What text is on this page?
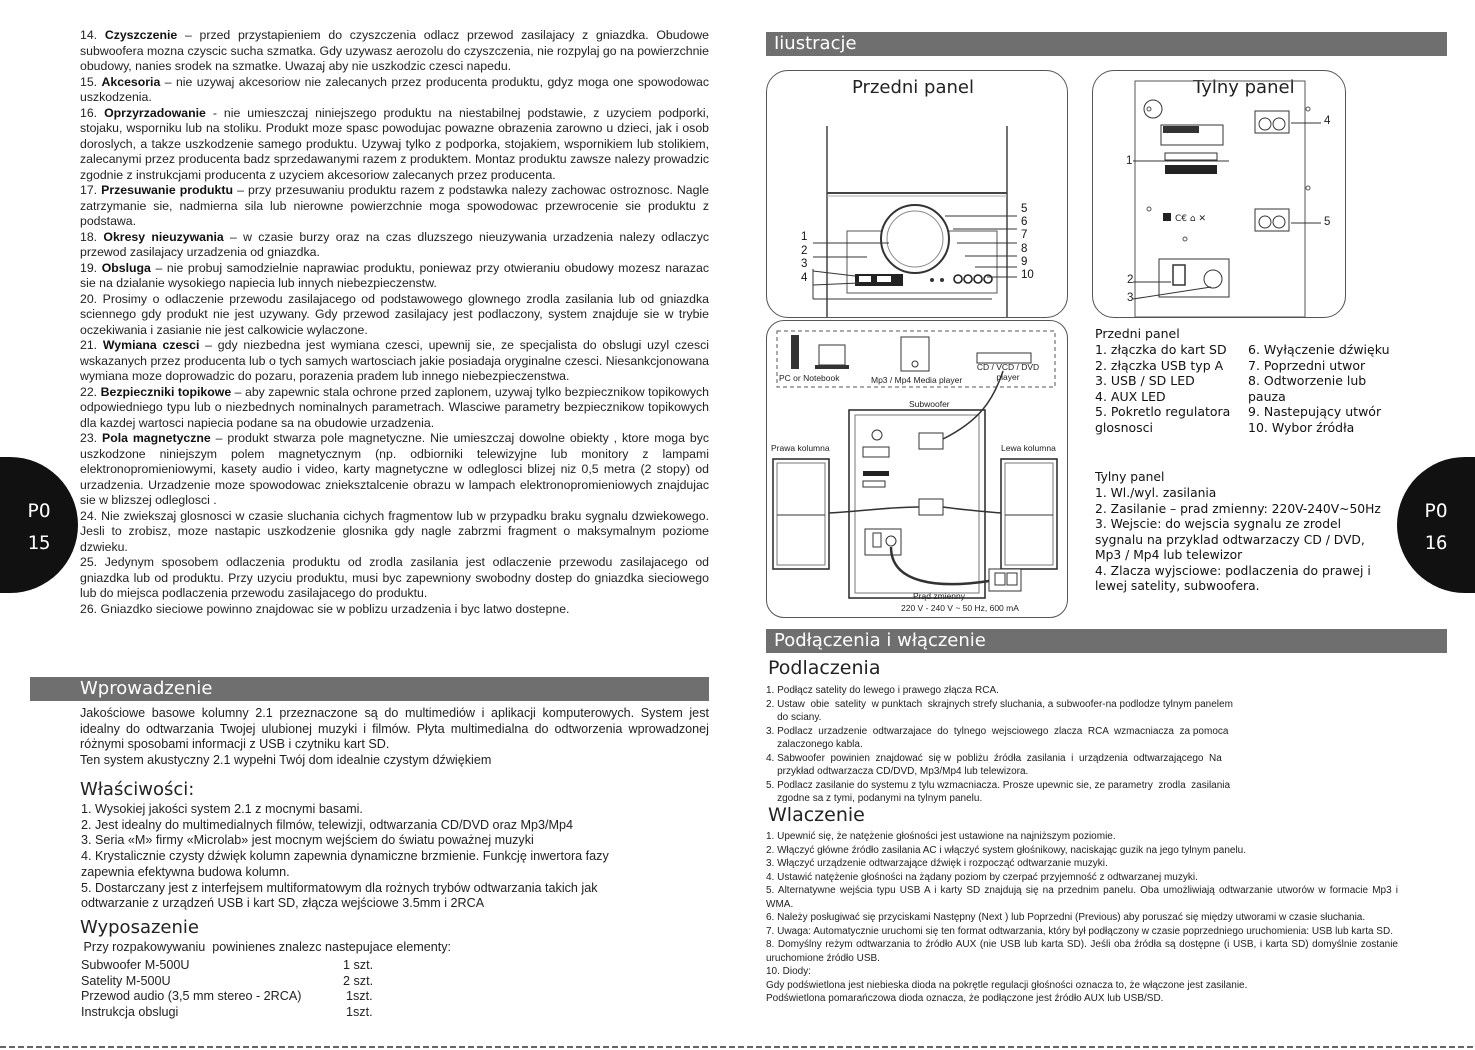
14. Czyszczenie – przed przystapieniem do czyszczenia odlacz przewod zasilajacy z gniazdka. Obudowe subwoofera mozna czyscic sucha szmatka. Gdy uzywasz aerozolu do czyszczenia, nie rozpylaj go na powierzchnie obudowy, nanies srodek na szmatke. Uwazaj aby nie uszkodzic czesci napedu.

15. Akcesoria – nie uzywaj akcesoriow nie zalecanych przez producenta produktu, gdyz moga one spowodowac uszkodzenia.

16. Oprzyrzadowanie - nie umieszczaj niniejszego produktu na niestabilnej podstawie, z uzyciem podporki, stojaku, wsporniku lub na stoliku. Produkt moze spasc powodujac powazne obrazenia zarowno u dzieci, jak i osob doroslych, a takze uszkodzenie samego produktu. Uzywaj tylko z podporka, stojakiem, wspornikiem lub stolikiem, zalecanymi przez producenta badz sprzedawanymi razem z produktem. Montaz produktu zawsze nalezy prowadzic zgodnie z instrukcjami producenta z uzyciem akcesoriow zalecanych przez producenta.

17. Przesuwanie produktu – przy przesuwaniu produktu razem z podstawka nalezy zachowac ostroznosc. Nagle zatrzymanie sie, nadmierna sila lub nierowne powierzchnie moga spowodowac przewrocenie sie produktu z podstawa.

18. Okresy nieuzywania – w czasie burzy oraz na czas dluzszego nieuzywania urzadzenia nalezy odlaczyc przewod zasilajacy urzadzenia od gniazdka.

19. Obsluga – nie probuj samodzielnie naprawiac produktu, poniewaz przy otwieraniu obudowy mozesz narazac sie na dzialanie wysokiego napiecia lub innych niebezpieczenstw.

20. Prosimy o odlaczenie przewodu zasilajacego od podstawowego glownego zrodla zasilania lub od gniazdka sciennego gdy produkt nie jest uzywany. Gdy przewod zasilajacy jest podlaczony, system znajduje sie w trybie oczekiwania i zasianie nie jest calkowicie wylaczone.

21. Wymiana czesci – gdy niezbedna jest wymiana czesci, upewnij sie, ze specjalista do obslugi uzyl czesci wskazanych przez producenta lub o tych samych wartosciach jakie posiadaja oryginalne czesci. Niesankcjonowana wymiana moze doprowadzic do pozaru, porazenia pradem lub innego niebezpieczenstwa.

22. Bezpieczniki topikowe – aby zapewnic stala ochrone przed zaplonem, uzywaj tylko bezpiecznikow topikowych odpowiedniego typu lub o niezbednych nominalnych parametrach. Wlasciwe parametry bezpiecznikow topikowych dla kazdej wartosci napiecia podane sa na obudowie urzadzenia.

23. Pola magnetyczne – produkt stwarza pole magnetyczne. Nie umieszczaj dowolne obiekty , ktore moga byc uszkodzone niniejszym polem magnetycznym (np. odbiorniki telewizyjne lub monitory z lampami elektronopromieniowymi, kasety audio i video, karty magnetyczne w odleglosci blizej niz 0,5 metra (2 stopy) od urzadzenia. Urzadzenie moze spowodowac znieksztalcenie obrazu w lampach elektronopromieniowych znajdujac sie w blizszej odleglosci .

24. Nie zwiekszaj glosnosci w czasie sluchania cichych fragmentow lub w przypadku braku sygnalu dzwiekowego. Jesli to zrobisz, moze nastapic uszkodzenie glosnika gdy nagle zabrzmi fragment o maksymalnym poziome dzwieku.

25. Jedynym sposobem odlaczenia produktu od zrodla zasilania jest odlaczenie przewodu zasilajacego od gniazdka lub od produktu. Przy uzyciu produktu, musi byc zapewniony swobodny dostep do gniazdka sieciowego lub do miejsca podlaczenia przewodu zasilajacego do produktu.

26. Gniazdko sieciowe powinno znajdowac sie w poblizu urzadzenia i byc latwo dostepne.

Wprowadzenie

Jakościowe basowe kolumny 2.1 przeznaczone są do multimediów i aplikacji komputerowych. System jest idealny do odtwarzania Twojej ulubionej muzyki i filmów. Płyta multimedialna do odtworzenia wprowadzonej różnymi sposobami informacji z USB i czytniku kart SD.

Ten system akustyczny 2.1 wypełni Twój dom idealnie czystym dźwiękiem

Właściwości:
1. Wysokiej jakości system 2.1 z mocnymi basami.
2. Jest idealny do multimedialnych filmów, telewizji, odtwarzania CD/DVD oraz Mp3/Mp4
3. Seria «M» firmy «Microlab» jest mocnym wejściem do światu poważnej muzyki
4. Krystalicznie czysty dźwięk kolumn zapewnia dynamiczne brzmienie. Funkcję inwertora fazy
zapewnia efektywna budowa kolumn.
5. Dostarczany jest z interfejsem multiformatowym dla rożnych trybów odtwarzania takich jak
odtwarzanie z urządzeń USB i kart SD, złącza wejściowe 3.5mm i 2RCA
Wyposazenie
Przy rozpakowywaniu  powinienes znalezc nastepujace elementy:
Subwoofer M-500U	1 szt.
Satelity M-500U	2 szt.
Przewod audio (3,5 mm stereo - 2RCA)	1szt.
Instrukcja obslugi	1szt.
PO
15
Iiustracje
Przedni panel
1
2
3
4
5
6
7
8
9
10
Tylny panel
C€ ⌂ ✕
1
2
3
4
5
PC or Notebook	Mp3 / Mp4 Media player
CD / VCD / DVD player
Subwoofer
Prawa kolumna	Lewa kolumna
Prąd zmienny
220 V - 240 V ~ 50 Hz, 600 mA
Przedni panel
1. złączka do kart SD
2. złączka USB typ A
3. USB / SD LED
4. AUX LED
5. Pokretlo regulatora
glosnosci
6. Wyłączenie dźwięku
7. Poprzedni utwor
8. Odtworzenie lub
pauza
9. Nastepujący utwór
10. Wybor źródła
Tylny panel
1. Wl./wyl. zasilania
2. Zasilanie – prad zmienny: 220V-240V~50Hz
3. Wejscie: do wejscia sygnalu ze zrodel
sygnalu na przyklad odtwarzaczy CD / DVD,
Mp3 / Mp4 lub telewizor
4. Zlacza wyjsciowe: podlaczenia do prawej i
lewej satelity, subwoofera.
Podłączenia i włączenie
Podlaczenia
1. Podłącz satelity do lewego i prawego złącza RCA.
2. Ustaw  obie  satelity  w punktach  skrajnych strefy sluchania, a subwoofer-na podlodze tylnym panelem
do sciany.
3. Podlacz  urzadzenie  odtwarzajace  do  tylnego  wejsciowego  zlacza  RCA  wzmacniacza  za pomoca
zalaczonego kabla.
4. Sabwoofer  powinien  znajdować  się w  pobliżu  źródła  zasilania  i  urządzenia  odtwarzającego  Na
przykład odtwarzacza CD/DVD, Mp3/Mp4 lub telewizora.
5. Podlacz zasilanie do systemu z tylu wzmacniacza. Prosze upewnic sie, ze parametry  zrodla  zasilania
zgodne sa z tymi, podanymi na tylnym panelu.
Wlaczenie
1. Upewnić się, że natężenie głośności jest ustawione na najniższym poziomie.
2. Włączyć główne źródło zasilania AC i włączyć system głośnikowy, naciskając guzik na jego tylnym panelu.
3. Włączyć urządzenie odtwarzające dźwięk i rozpocząć odtwarzanie muzyki.
4. Ustawić natężenie głośności na żądany poziom by czerpać przyjemność z odtwarzanej muzyki.
5. Alternatywne wejścia typu USB A i karty SD znajdują się na przednim panelu. Oba umożliwiają odtwarzanie utworów w formacie Mp3 i WMA.
6. Należy posługiwać się przyciskami Następny (Next ) lub Poprzedni (Previous) aby poruszać się między utworami w czasie słuchania.
7. Uwaga: Automatycznie uruchomi się ten format odtwarzania, który był podłączony w czasie poprzedniego uruchomienia: USB lub karta SD.
8. Domyślny reżym odtwarzania to źródło AUX (nie USB lub karta SD). Jeśli oba źródła są dostępne (i USB, i karta SD) domyślnie zostanie uruchomione źródło USB.
10. Diody:
Gdy podświetlona jest niebieska dioda na pokrętle regulacji głośności oznacza to, że włączone jest zasilanie.
Podświetlona pomarańczowa dioda oznacza, że podłączone jest źródło AUX lub USB/SD.
PO
16
